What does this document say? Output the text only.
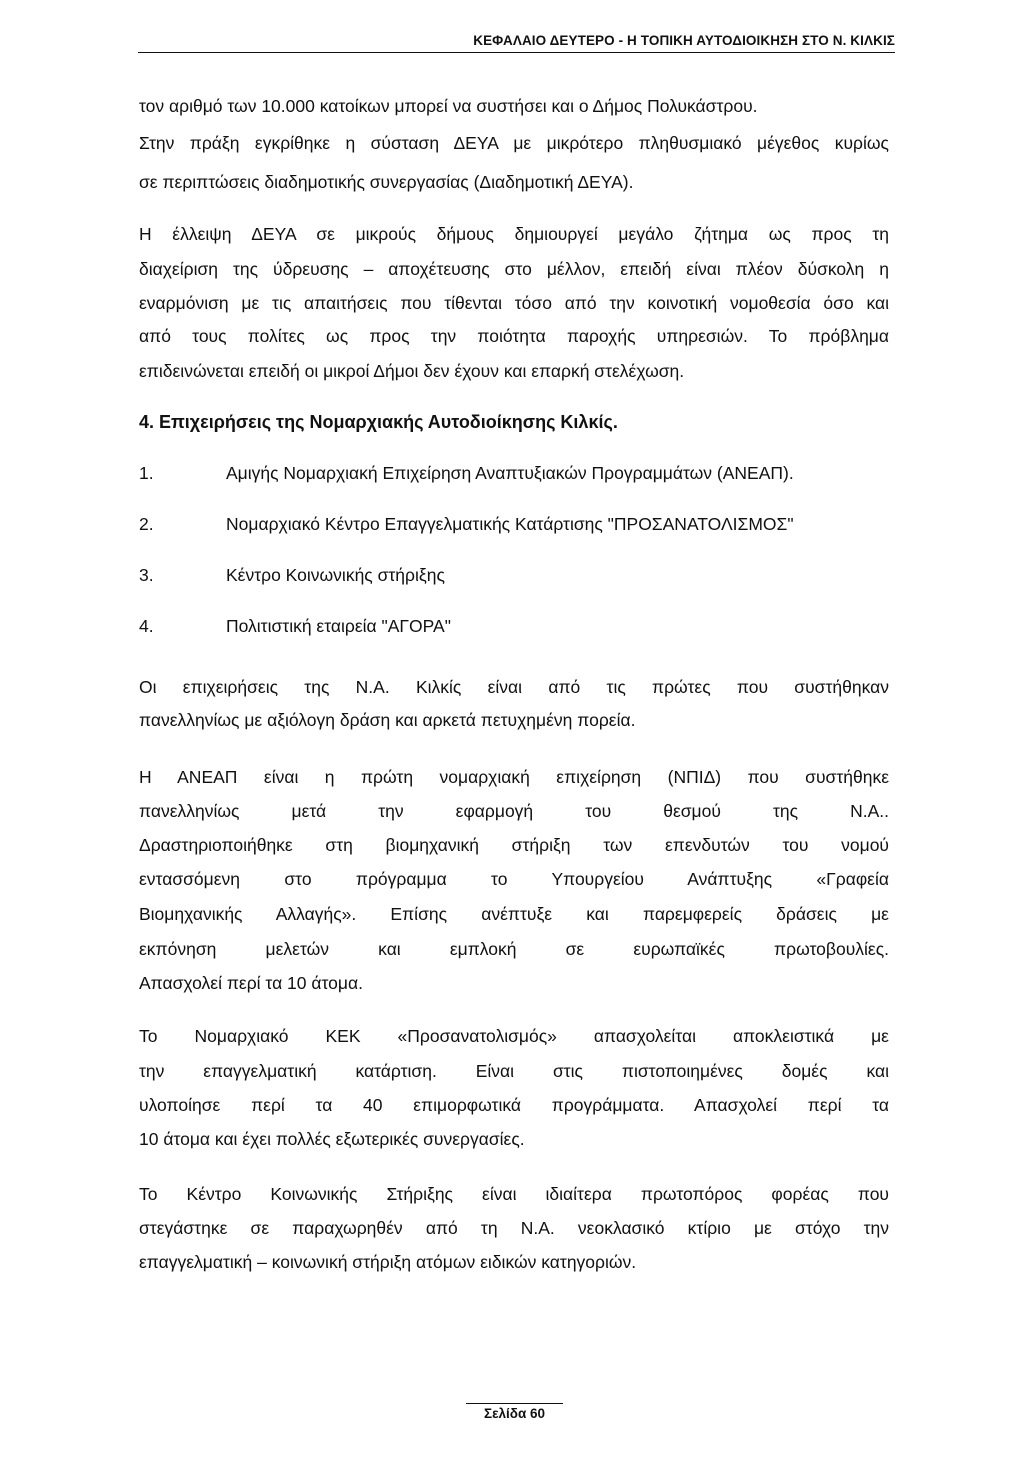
ΚΕΦΑΛΑΙΟ ΔΕΥΤΕΡΟ - Η ΤΟΠΙΚΗ ΑΥΤΟΔΙΟΙΚΗΣΗ ΣΤΟ Ν. ΚΙΛΚΙΣ
τον αριθμό των 10.000 κατοίκων μπορεί να συστήσει και ο Δήμος Πολυκάστρου.
Στην πράξη εγκρίθηκε η σύσταση ΔΕΥΑ με μικρότερο πληθυσμιακό μέγεθος κυρίως
σε περιπτώσεις διαδημοτικής συνεργασίας (Διαδημοτική ΔΕΥΑ).
Η έλλειψη ΔΕΥΑ σε μικρούς δήμους δημιουργεί μεγάλο ζήτημα ως προς τη
διαχείριση της ύδρευσης – αποχέτευσης στο μέλλον, επειδή είναι πλέον δύσκολη η
εναρμόνιση με τις απαιτήσεις που τίθενται τόσο από την κοινοτική νομοθεσία όσο και
από τους πολίτες ως προς την ποιότητα παροχής υπηρεσιών. Το πρόβλημα
επιδεινώνεται επειδή οι μικροί Δήμοι δεν έχουν και επαρκή στελέχωση.
4. Επιχειρήσεις της Νομαρχιακής Αυτοδιοίκησης Κιλκίς.
1.	Αμιγής Νομαρχιακή Επιχείρηση Αναπτυξιακών Προγραμμάτων (ΑΝΕΑΠ).
2.	Νομαρχιακό Κέντρο Επαγγελματικής Κατάρτισης "ΠΡΟΣΑΝΑΤΟΛΙΣΜΟΣ"
3.	Κέντρο Κοινωνικής στήριξης
4.	Πολιτιστική εταιρεία "ΑΓΟΡΑ"
Οι επιχειρήσεις της Ν.Α. Κιλκίς είναι από τις πρώτες που συστήθηκαν
πανελληνίως με αξιόλογη δράση και αρκετά πετυχημένη πορεία.
Η ΑΝΕΑΠ είναι η πρώτη νομαρχιακή επιχείρηση (ΝΠΙΔ) που συστήθηκε
πανελληνίως μετά την εφαρμογή του θεσμού της Ν.Α..
Δραστηριοποιήθηκε στη βιομηχανική στήριξη των επενδυτών του νομού
εντασσόμενη στο πρόγραμμα το Υπουργείου Ανάπτυξης «Γραφεία
Βιομηχανικής Αλλαγής». Επίσης ανέπτυξε και παρεμφερείς δράσεις με
εκπόνηση μελετών και εμπλοκή σε ευρωπαϊκές πρωτοβουλίες.
Απασχολεί περί τα 10 άτομα.
Το Νομαρχιακό ΚΕΚ «Προσανατολισμός» απασχολείται αποκλειστικά με
την επαγγελματική κατάρτιση. Είναι στις πιστοποιημένες δομές και
υλοποίησε περί τα 40 επιμορφωτικά προγράμματα. Απασχολεί περί τα
10 άτομα και έχει πολλές εξωτερικές συνεργασίες.
Το Κέντρο Κοινωνικής Στήριξης είναι ιδιαίτερα πρωτοπόρος φορέας που
στεγάστηκε σε παραχωρηθέν από τη Ν.Α. νεοκλασικό κτίριο με στόχο την
επαγγελματική – κοινωνική στήριξη ατόμων ειδικών κατηγοριών.
Σελίδα 60
